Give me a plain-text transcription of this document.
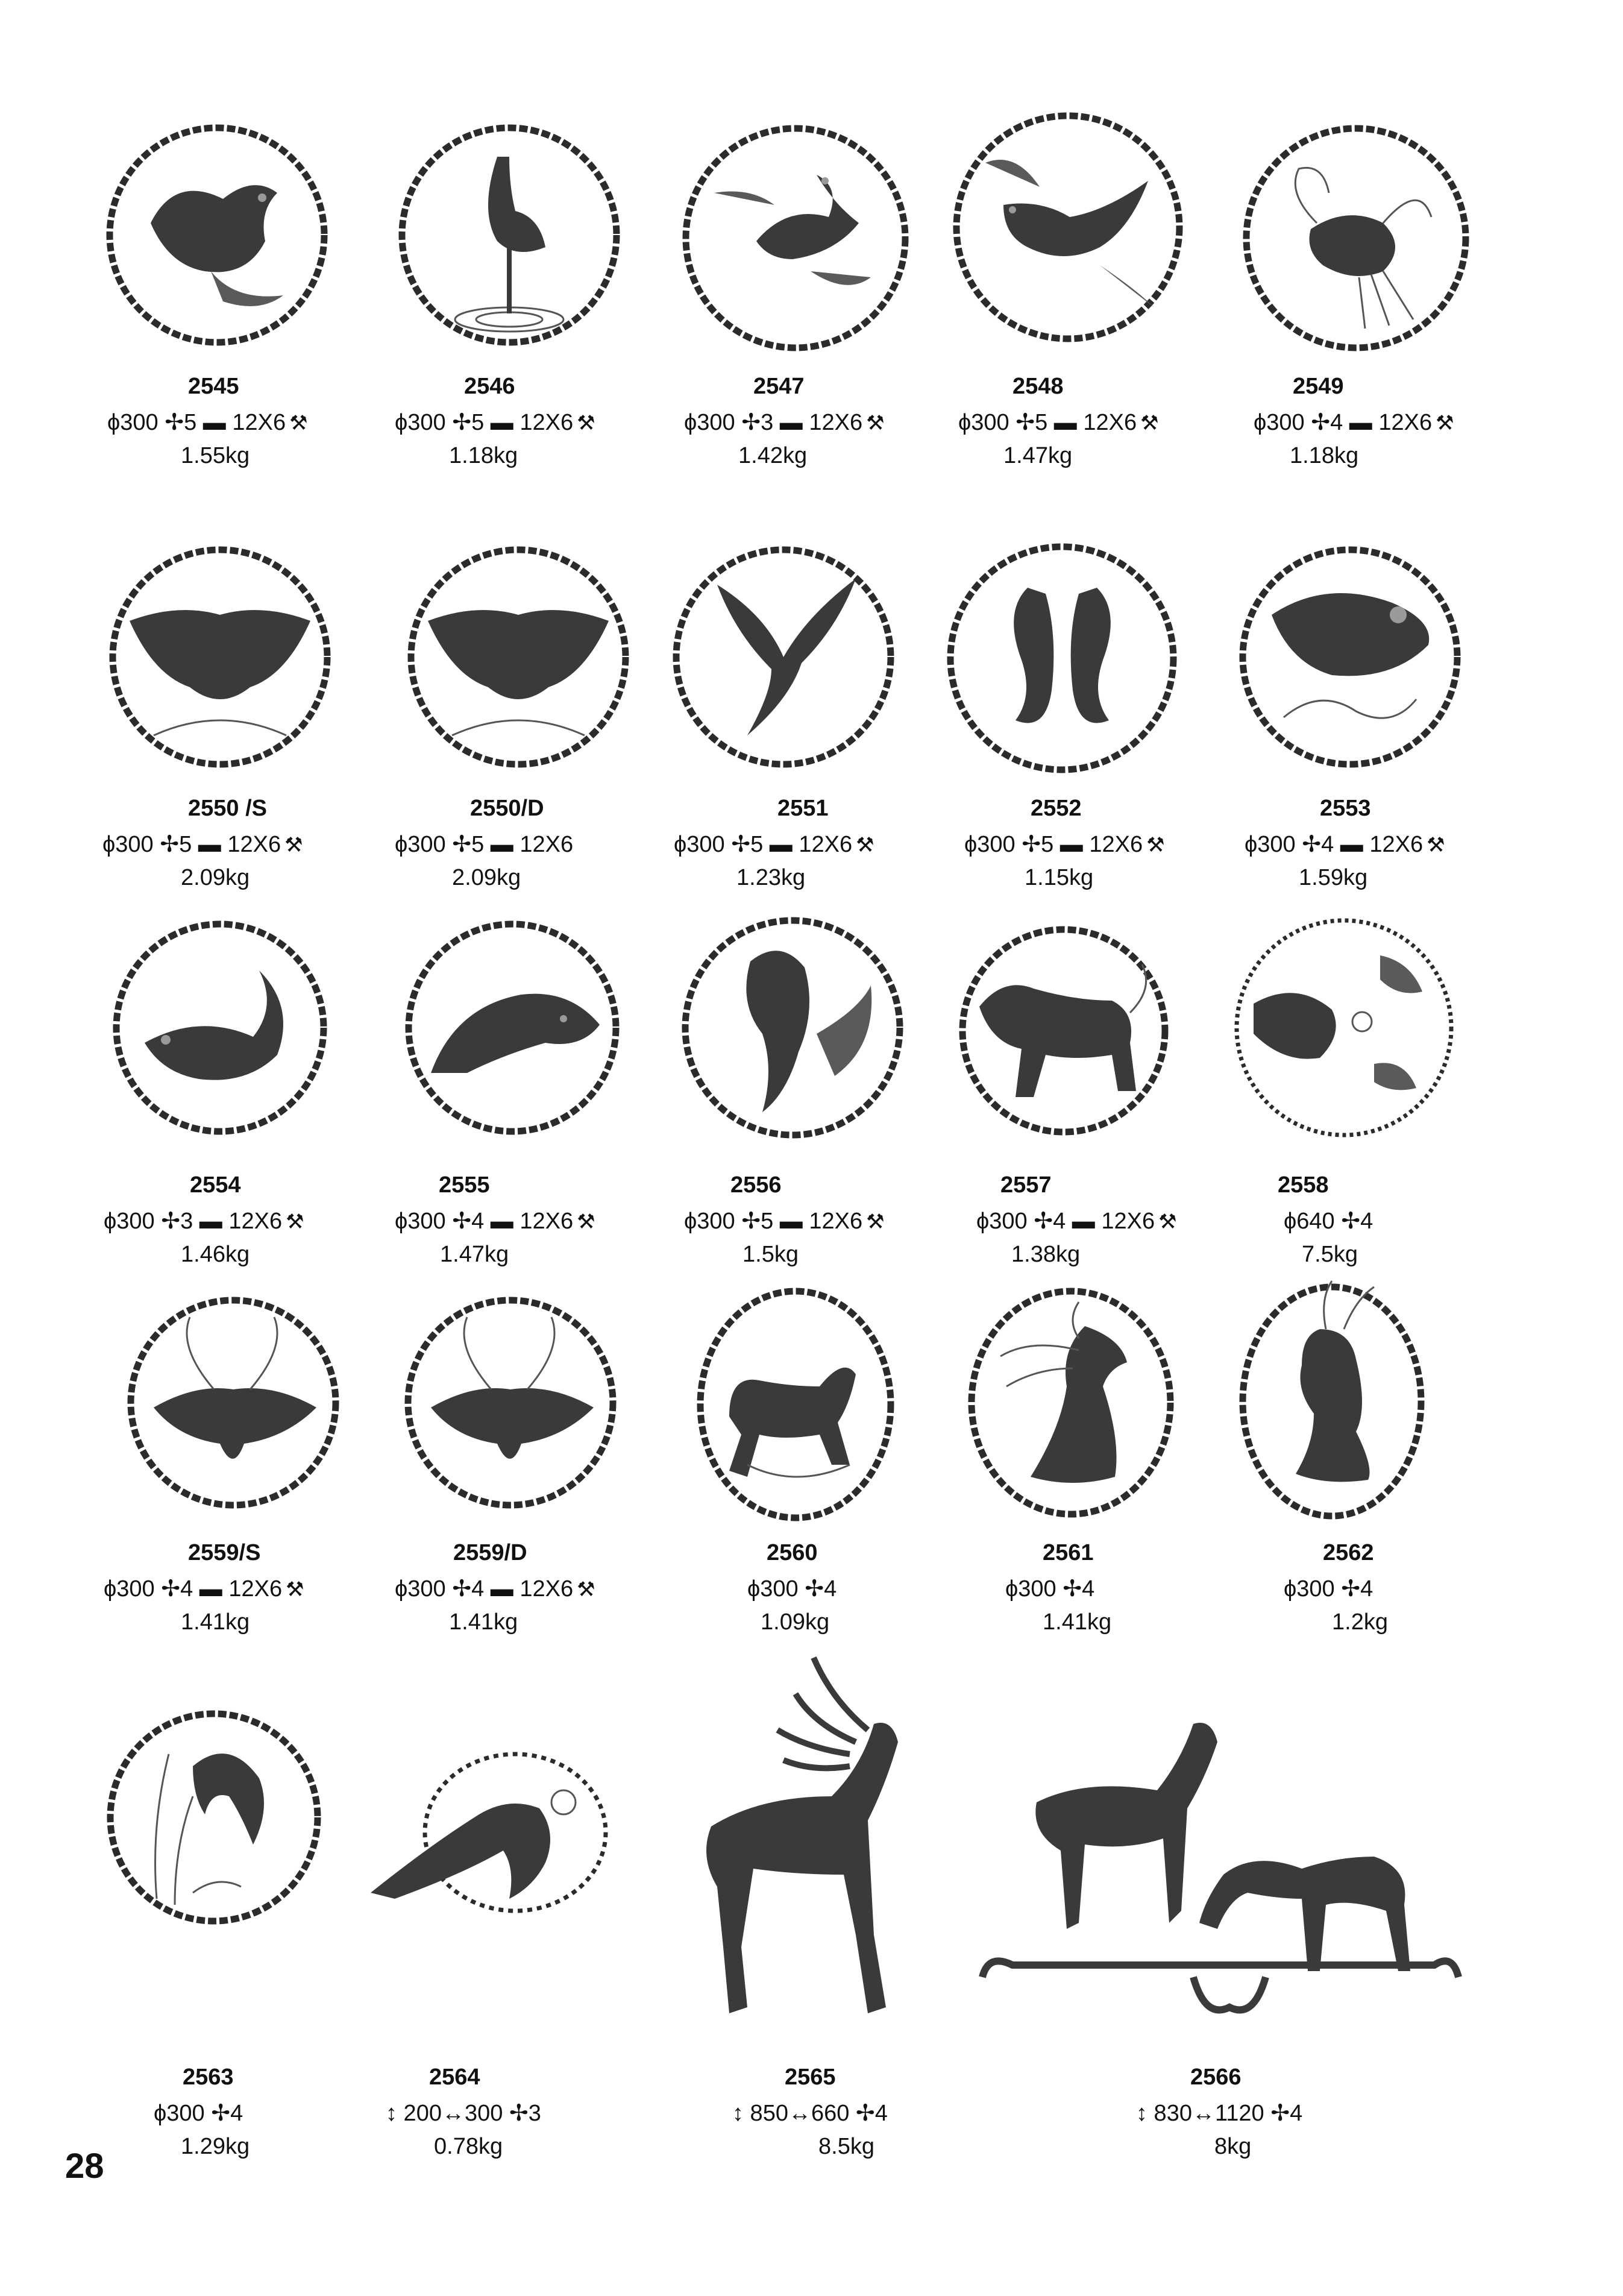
2545
ϕ300 ✢5 ▬ 12X6 ⚒
1.55kg
2546
ϕ300 ✢5 ▬ 12X6 ⚒
1.18kg
2547
ϕ300 ✢3 ▬ 12X6 ⚒
1.42kg
2548
ϕ300 ✢5 ▬ 12X6 ⚒
1.47kg
2549
ϕ300 ✢4 ▬ 12X6 ⚒
1.18kg
2550 /S
ϕ300 ✢5 ▬ 12X6 ⚒
2.09kg
2550/D
ϕ300 ✢5 ▬ 12X6
2.09kg
2551
ϕ300 ✢5 ▬ 12X6 ⚒
1.23kg
2552
ϕ300 ✢5 ▬ 12X6 ⚒
1.15kg
2553
ϕ300 ✢4 ▬ 12X6 ⚒
1.59kg
2554
ϕ300 ✢3 ▬ 12X6 ⚒
1.46kg
2555
ϕ300 ✢4 ▬ 12X6 ⚒
1.47kg
2556
ϕ300 ✢5 ▬ 12X6 ⚒
1.5kg
2557
ϕ300 ✢4 ▬ 12X6 ⚒
1.38kg
2558
ϕ640 ✢4
7.5kg
2559/S
ϕ300 ✢4 ▬ 12X6 ⚒
1.41kg
2559/D
ϕ300 ✢4 ▬ 12X6 ⚒
1.41kg
2560
ϕ300 ✢4
1.09kg
2561
ϕ300 ✢4
1.41kg
2562
ϕ300 ✢4
1.2kg
2563
ϕ300 ✢4
1.29kg
2564
↕ 200↔300 ✢3
0.78kg
2565
↕ 850↔660 ✢4
8.5kg
2566
↕ 830↔1120 ✢4
8kg
28
